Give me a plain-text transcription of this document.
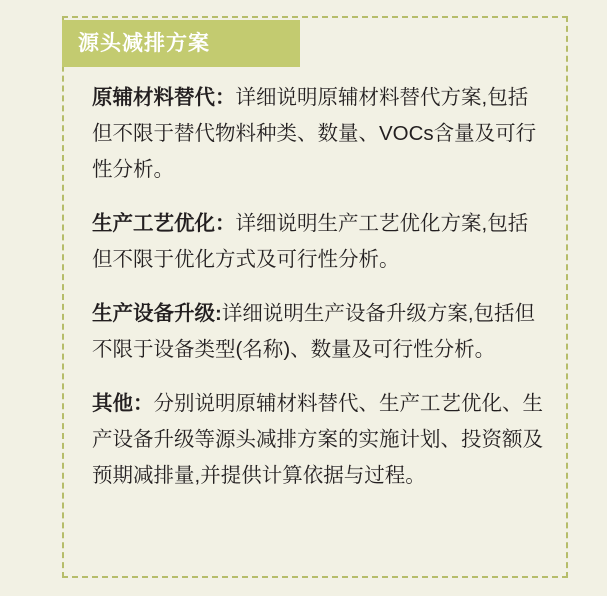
源头减排方案

原辅材料替代：详细说明原辅材料替代方案,包括但不限于替代物料种类、数量、VOCs含量及可行性分析。

生产工艺优化：详细说明生产工艺优化方案,包括但不限于优化方式及可行性分析。

生产设备升级:详细说明生产设备升级方案,包括但不限于设备类型(名称)、数量及可行性分析。

其他：分别说明原辅材料替代、生产工艺优化、生产设备升级等源头减排方案的实施计划、投资额及预期减排量,并提供计算依据与过程。
